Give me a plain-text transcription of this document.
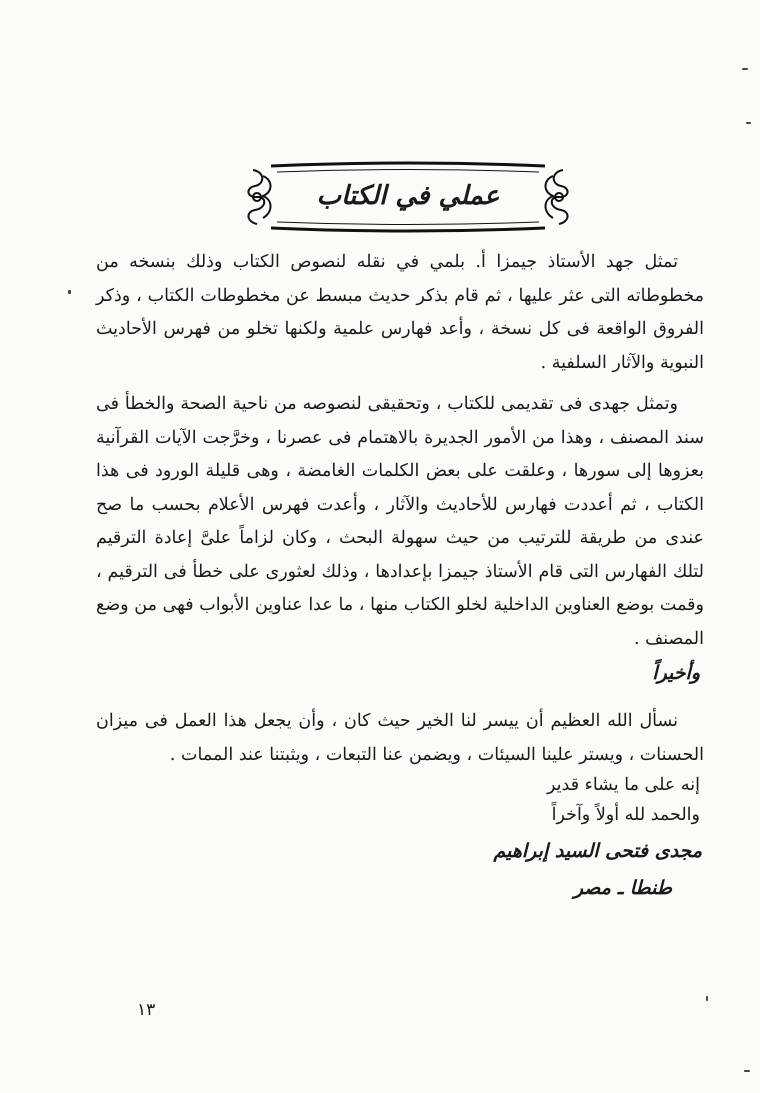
عملي في الكتاب

تمثل جهد الأستاذ جيمزا أ. بلمي في نقله لنصوص الكتاب وذلك بنسخه من مخطوطاته التى عثر عليها ، ثم قام بذكر حديث مبسط عن مخطوطات الكتاب ، وذكر الفروق الواقعة فى كل نسخة ، وأعد فهارس علمية ولكنها تخلو من فهرس الأحاديث النبوية والآثار السلفية .

وتمثل جهدى فى تقديمى للكتاب ، وتحقيقى لنصوصه من ناحية الصحة والخطأ فى سند المصنف ، وهذا من الأمور الجديرة بالاهتمام فى عصرنا ، وخرَّجت الآيات القرآنية بعزوها إلى سورها ، وعلقت على بعض الكلمات الغامضة ، وهى قليلة الورود فى هذا الكتاب ، ثم أعددت فهارس للأحاديث والآثار ، وأعدت فهرس الأعلام بحسب ما صح عندى من طريقة للترتيب من حيث سهولة البحث ، وكان لزاماً علىَّ إعادة الترقيم لتلك الفهارس التى قام الأستاذ جيمزا بإعدادها ، وذلك لعثورى على خطأ فى الترقيم ، وقمت بوضع العناوين الداخلية لخلو الكتاب منها ، ما عدا عناوين الأبواب فهى من وضع المصنف .

وأخيراً

نسأل الله العظيم أن ييسر لنا الخير حيث كان ، وأن يجعل هذا العمل فى ميزان الحسنات ، ويستر علينا السيئات ، ويضمن عنا التبعات ، ويثبتنا عند الممات .

إنه على ما يشاء قدير
والحمد لله أولاً وآخراً
مجدى فتحى السيد إبراهيم
طنطا ـ مصر
١٣
